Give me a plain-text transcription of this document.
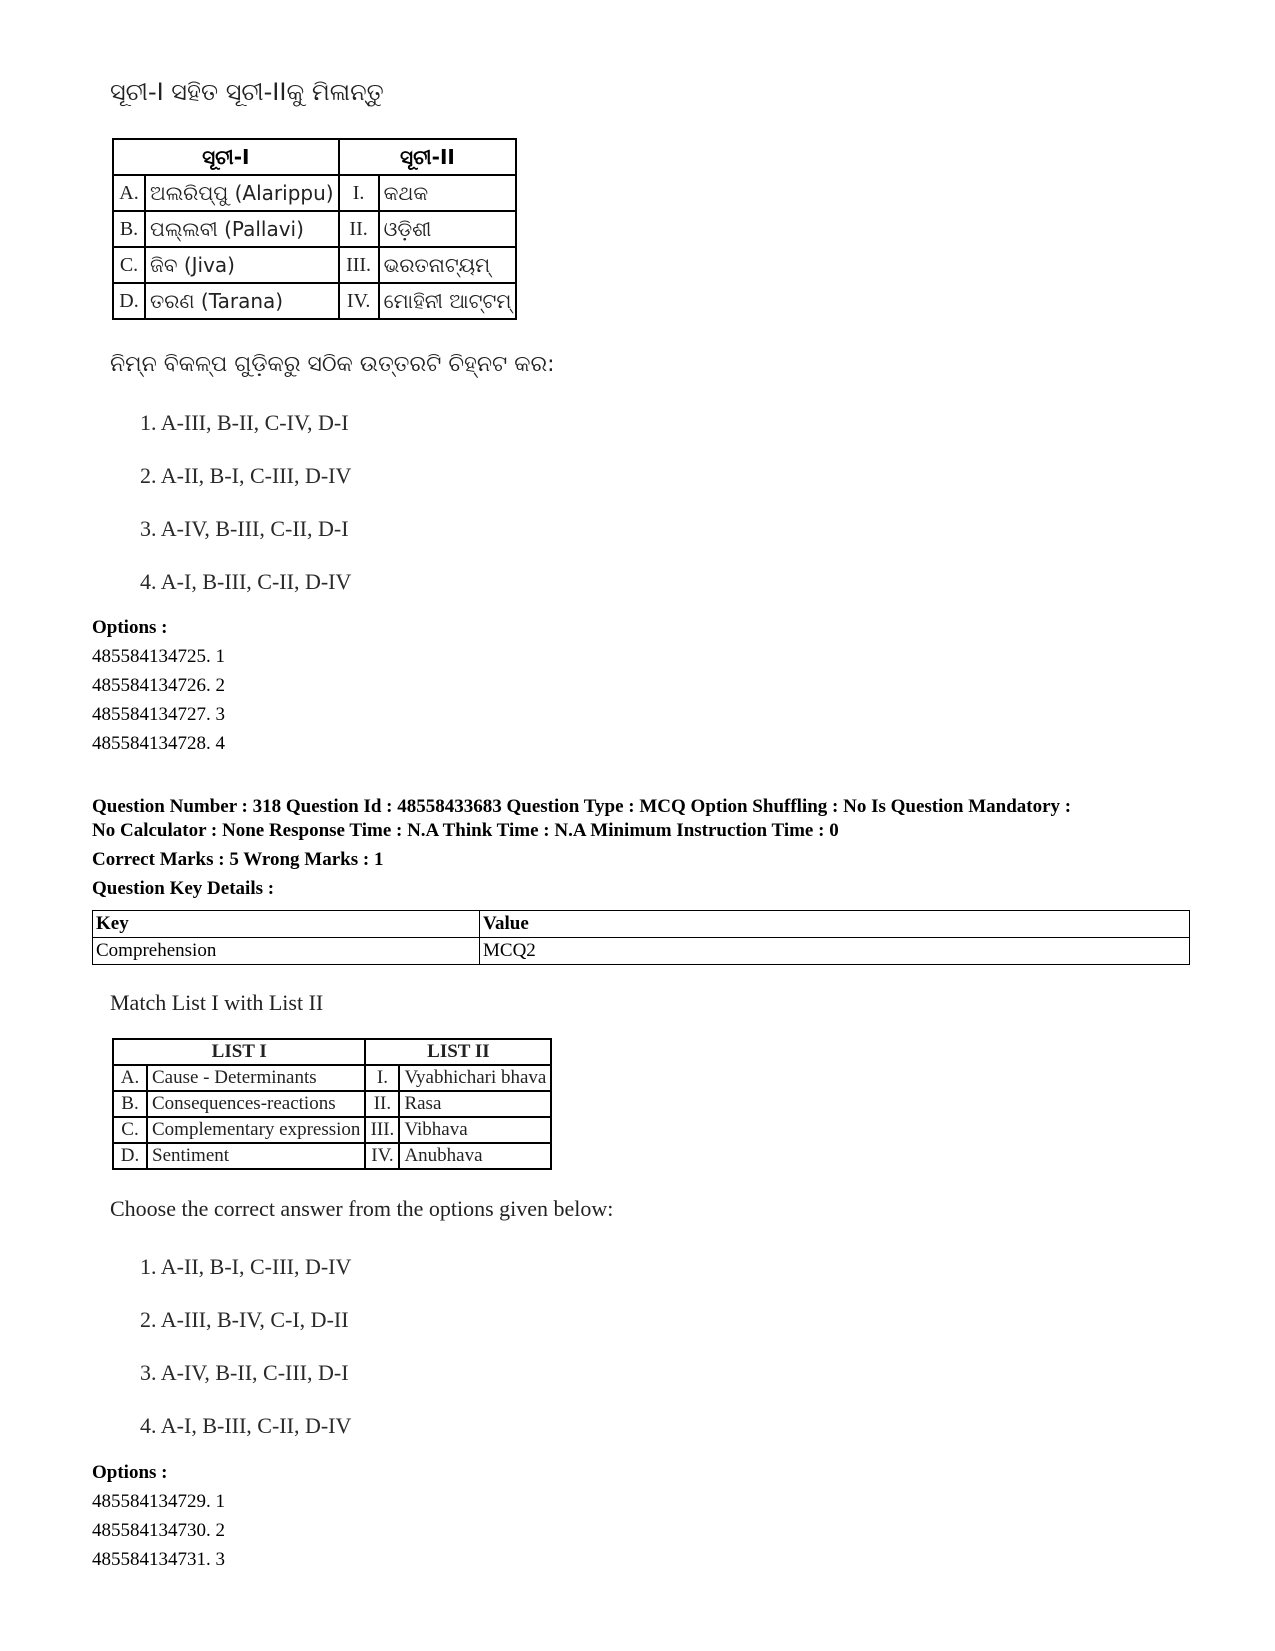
ସୂଚୀ-I ସହିତ ସୂଚୀ-IIକୁ ମିଳାନ୍ତୁ
ସୂଚୀ-I		ସୂଚୀ-II	
A.	ଅଲରିପ୍ପୁ (Alarippu)	I.	କଥକ
B.	ପଲ୍ଲବୀ (Pallavi)	II.	ଓଡ଼ିଶୀ
C.	ଜିବ (Jiva)	III.	ଭରତନାଟ୍ୟମ୍
D.	ତରଣ (Tarana)	IV.	ମୋହିନୀ ଆଟ୍ଟମ୍
ନିମ୍ନ ବିକଳ୍ପ ଗୁଡ଼ିକରୁ ସଠିକ ଉତ୍ତରଟି ଚିହ୍ନଟ କର:
1. A-III, B-II, C-IV, D-I
2. A-II, B-I, C-III, D-IV
3. A-IV, B-III, C-II, D-I
4. A-I, B-III, C-II, D-IV
Options :
485584134725. 1
485584134726. 2
485584134727. 3
485584134728. 4
Question Number : 318 Question Id : 48558433683 Question Type : MCQ Option Shuffling : No Is Question Mandatory :
No Calculator : None Response Time : N.A Think Time : N.A Minimum Instruction Time : 0
Correct Marks : 5 Wrong Marks : 1
Question Key Details :
Key	Value
Comprehension	MCQ2
Match List I with List II
LIST I		LIST II	
A.	Cause - Determinants	I.	Vyabhichari bhava
B.	Consequences-reactions	II.	Rasa
C.	Complementary expression	III.	Vibhava
D.	Sentiment	IV.	Anubhava
Choose the correct answer from the options given below:
1. A-II, B-I, C-III, D-IV
2. A-III, B-IV, C-I, D-II
3. A-IV, B-II, C-III, D-I
4. A-I, B-III, C-II, D-IV
Options :
485584134729. 1
485584134730. 2
485584134731. 3
